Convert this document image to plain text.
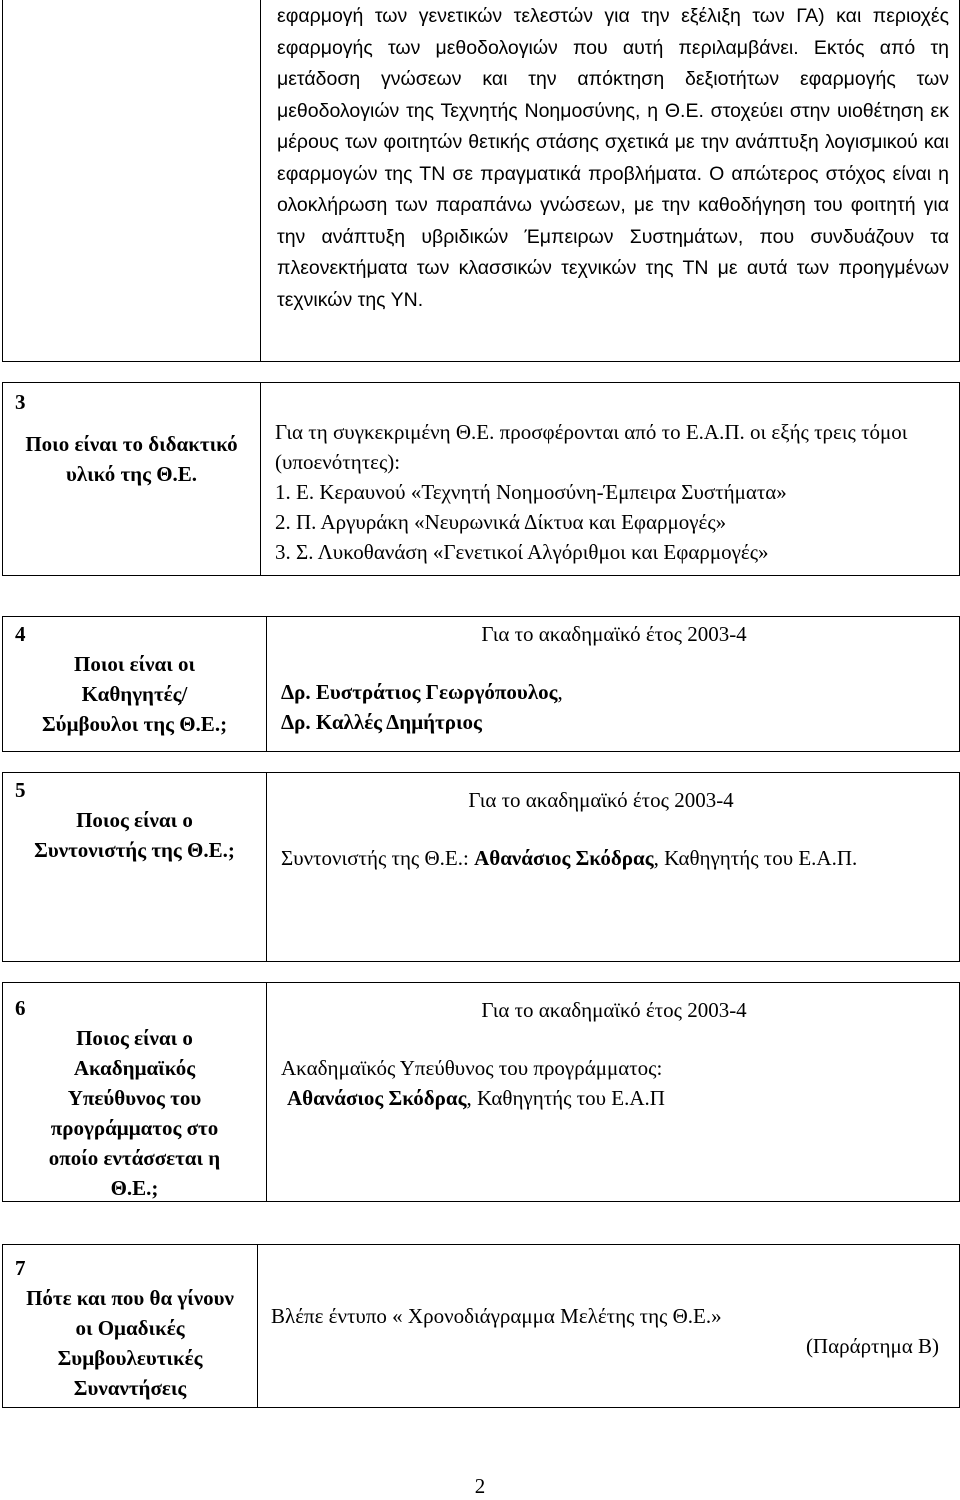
εφαρμογή των γενετικών τελεστών για την εξέλιξη των ΓΑ) και περιοχές εφαρμογής των μεθοδολογιών που αυτή περιλαμβάνει. Εκτός από τη μετάδοση γνώσεων και την απόκτηση δεξιοτήτων εφαρμογής των μεθοδολογιών της Τεχνητής Νοημοσύνης, η Θ.Ε. στοχεύει στην υιοθέτηση εκ μέρους των φοιτητών θετικής στάσης σχετικά με την ανάπτυξη λογισμικού και εφαρμογών της ΤΝ σε πραγματικά προβλήματα. Ο απώτερος στόχος είναι η ολοκλήρωση των παραπάνω γνώσεων, με την καθοδήγηση του φοιτητή για την ανάπτυξη υβριδικών Έμπειρων Συστημάτων, που συνδυάζουν τα πλεονεκτήματα των κλασσικών τεχνικών της ΤΝ με αυτά των προηγμένων τεχνικών της ΥΝ.
3
Ποιο είναι το διδακτικό υλικό της Θ.Ε.
Για τη συγκεκριμένη Θ.Ε. προσφέρονται από το Ε.Α.Π. οι εξής τρεις τόμοι (υποενότητες):
1. Ε. Κεραυνού «Τεχνητή Νοημοσύνη-Έμπειρα Συστήματα»
2. Π. Αργυράκη «Νευρωνικά Δίκτυα και Εφαρμογές»
3. Σ. Λυκοθανάση «Γενετικοί Αλγόριθμοι και Εφαρμογές»
4
Ποιοι είναι οι Καθηγητές/ Σύμβουλοι της Θ.Ε.;
Για το ακαδημαϊκό έτος 2003-4
Δρ. Ευστράτιος Γεωργόπουλος,
Δρ. Καλλές Δημήτριος
5
Ποιος είναι ο Συντονιστής της Θ.Ε.;
Για το ακαδημαϊκό έτος 2003-4
Συντονιστής της Θ.Ε.: Αθανάσιος Σκόδρας, Καθηγητής του Ε.Α.Π.
6
Ποιος είναι ο Ακαδημαϊκός Υπεύθυνος του προγράμματος στο οποίο εντάσσεται η Θ.Ε.;
Για το ακαδημαϊκό έτος 2003-4
Ακαδημαϊκός Υπεύθυνος του προγράμματος:
Αθανάσιος Σκόδρας, Καθηγητής του Ε.Α.Π
7
Πότε και που θα γίνουν οι Ομαδικές Συμβουλευτικές Συναντήσεις
Βλέπε έντυπο « Χρονοδιάγραμμα Μελέτης της Θ.Ε.»
(Παράρτημα Β)
2
